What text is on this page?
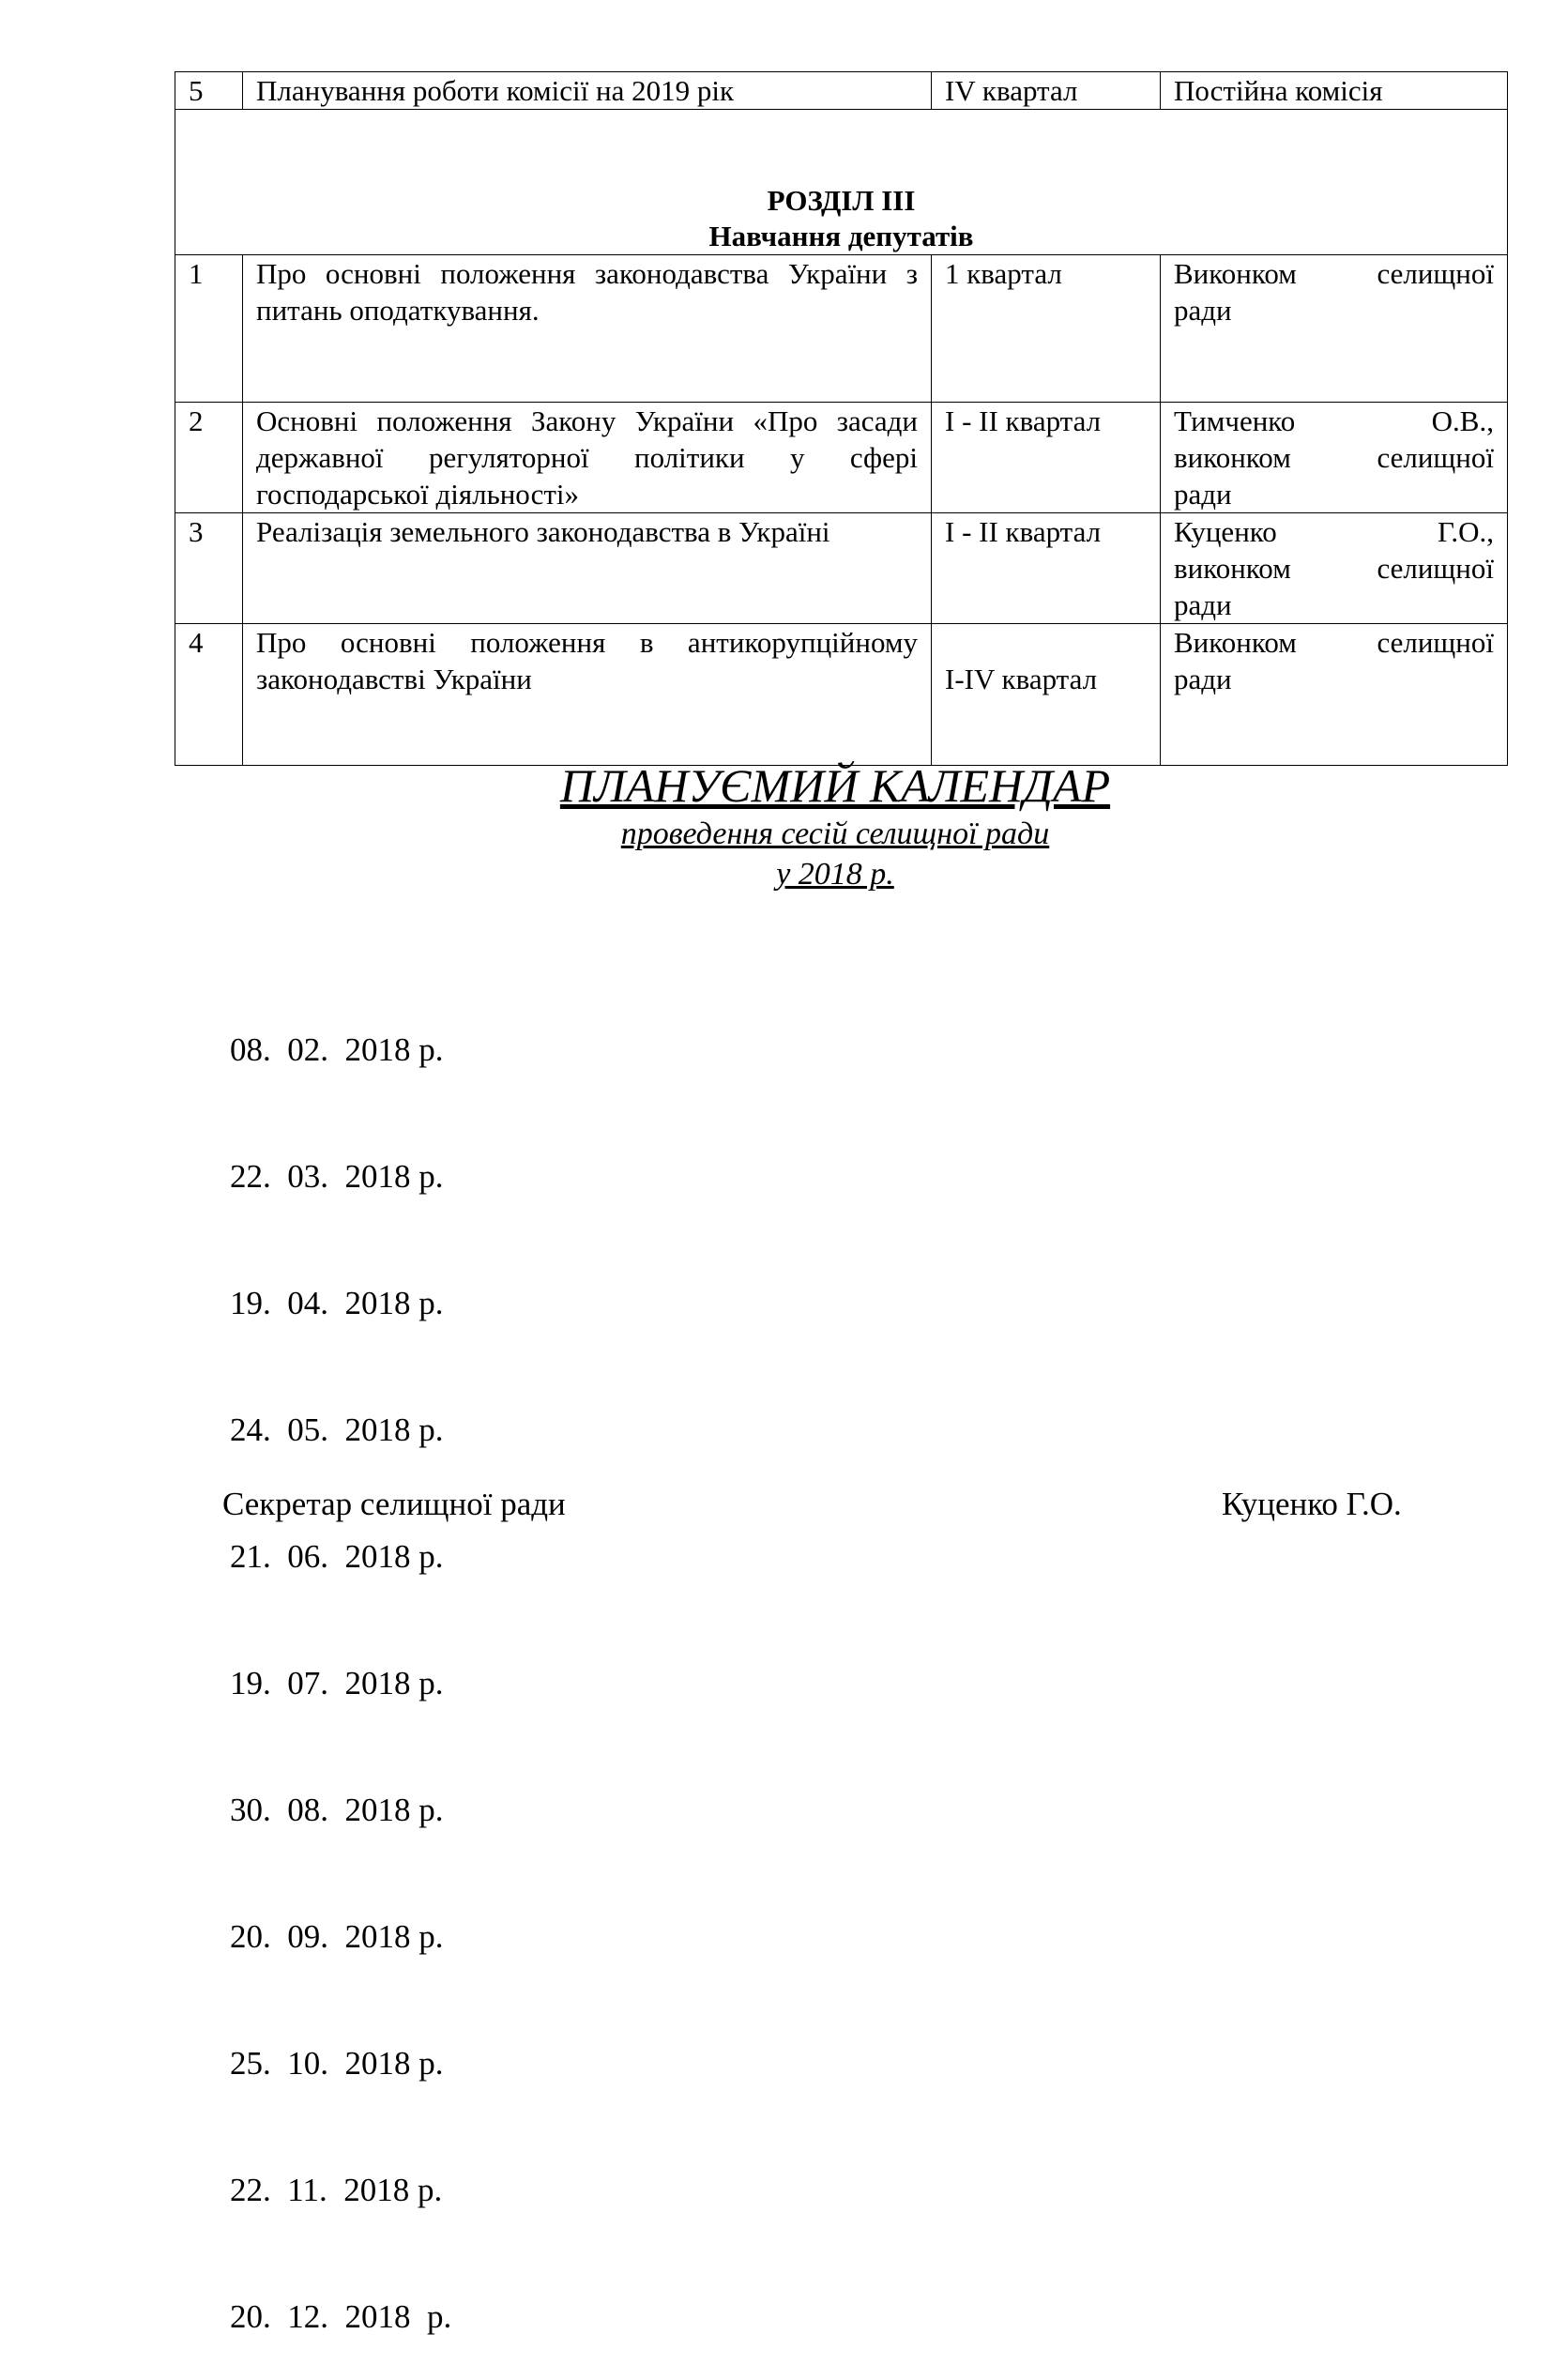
5	Планування роботи комісії на 2019 рік	IV квартал	Постійна комісія

РОЗДІЛ ІІІ
Навчання депутатів			

1	Про основні положення законодавства України з питань оподаткування.	1 квартал	Виконком селищної
ради

2	Основні положення Закону України «Про засади державної регуляторної політики у сфері господарської діяльності»	І - ІІ квартал	Тимченко О.В.,
виконком селищної
ради

3	Реалізація земельного законодавства в Україні	І - ІІ квартал	Куценко Г.О.,
виконком селищної
ради

4	Про основні положення в антикорупційному законодавстві України	І-IV квартал	Виконком селищної
ради
ПЛАНУЄМИЙ КАЛЕНДАР
проведення сесій селищної ради
у 2018 р.

08.  02.  2018 р.

22.  03.  2018 р.

19.  04.  2018 р.

24.  05.  2018 р.

21.  06.  2018 р.

19.  07.  2018 р.

30.  08.  2018 р.

20.  09.  2018 р.

25.  10.  2018 р.

22.  11.  2018 р.

20.  12.  2018  р.

Секретар селищної ради	Куценко Г.О.
